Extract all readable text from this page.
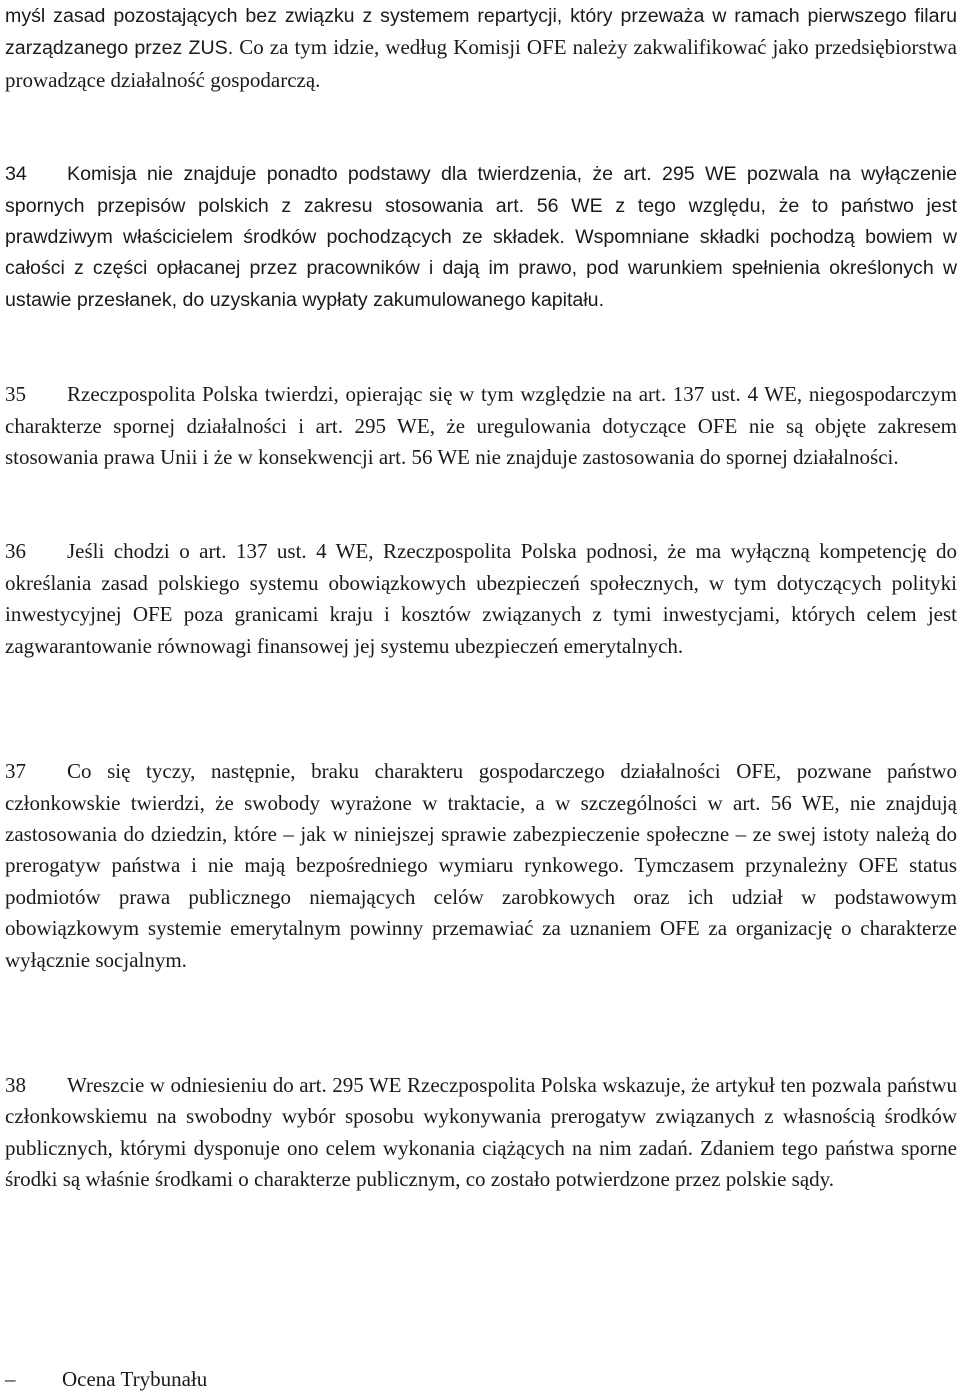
myśl zasad pozostających bez związku z systemem repartycji, który przeważa w ramach pierwszego filaru zarządzanego przez ZUS. Co za tym idzie, według Komisji OFE należy zakwalifikować jako przedsiębiorstwa prowadzące działalność gospodarczą.

34 Komisja nie znajduje ponadto podstawy dla twierdzenia, że art. 295 WE pozwala na wyłączenie spornych przepisów polskich z zakresu stosowania art. 56 WE z tego względu, że to państwo jest prawdziwym właścicielem środków pochodzących ze składek. Wspomniane składki pochodzą bowiem w całości z części opłacanej przez pracowników i dają im prawo, pod warunkiem spełnienia określonych w ustawie przesłanek, do uzyskania wypłaty zakumulowanego kapitału.

35 Rzeczpospolita Polska twierdzi, opierając się w tym względzie na art. 137 ust. 4 WE, niegospodarczym charakterze spornej działalności i art. 295 WE, że uregulowania dotyczące OFE nie są objęte zakresem stosowania prawa Unii i że w konsekwencji art. 56 WE nie znajduje zastosowania do spornej działalności.

36 Jeśli chodzi o art. 137 ust. 4 WE, Rzeczpospolita Polska podnosi, że ma wyłączną kompetencję do określania zasad polskiego systemu obowiązkowych ubezpieczeń społecznych, w tym dotyczących polityki inwestycyjnej OFE poza granicami kraju i kosztów związanych z tymi inwestycjami, których celem jest zagwarantowanie równowagi finansowej jej systemu ubezpieczeń emerytalnych.

37 Co się tyczy, następnie, braku charakteru gospodarczego działalności OFE, pozwane państwo członkowskie twierdzi, że swobody wyrażone w traktacie, a w szczególności w art. 56 WE, nie znajdują zastosowania do dziedzin, które – jak w niniejszej sprawie zabezpieczenie społeczne – ze swej istoty należą do prerogatyw państwa i nie mają bezpośredniego wymiaru rynkowego. Tymczasem przynależny OFE status podmiotów prawa publicznego niemających celów zarobkowych oraz ich udział w podstawowym obowiązkowym systemie emerytalnym powinny przemawiać za uznaniem OFE za organizację o charakterze wyłącznie socjalnym.

38 Wreszcie w odniesieniu do art. 295 WE Rzeczpospolita Polska wskazuje, że artykuł ten pozwala państwu członkowskiemu na swobodny wybór sposobu wykonywania prerogatyw związanych z własnością środków publicznych, którymi dysponuje ono celem wykonania ciążących na nim zadań. Zdaniem tego państwa sporne środki są właśnie środkami o charakterze publicznym, co zostało potwierdzone przez polskie sądy.

– Ocena Trybunału
